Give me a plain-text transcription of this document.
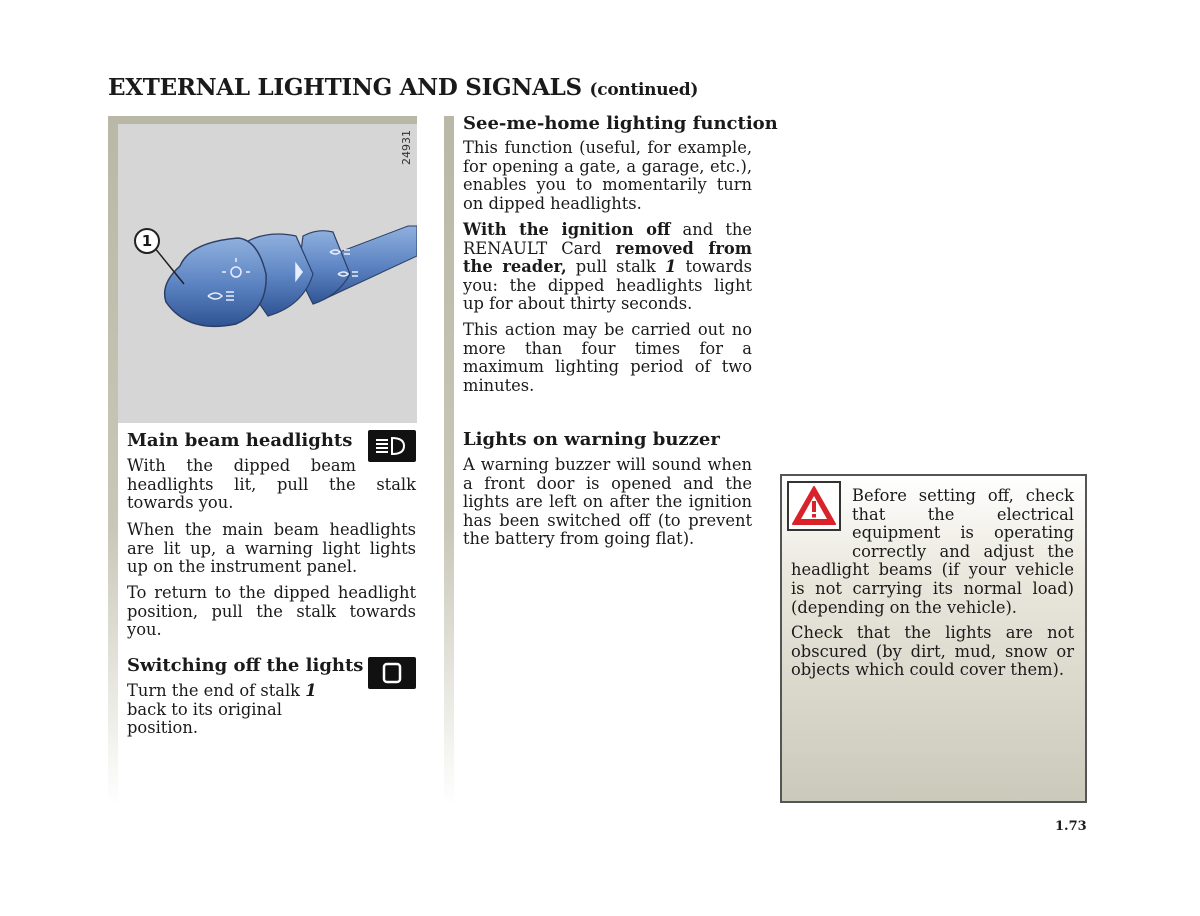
EXTERNAL LIGHTING AND SIGNALS (continued)
24931
1
Main beam headlights
With the dipped beam headlights lit, pull the stalk towards you.
Switching off the lights
Turn the end of stalk 1 back to its original position.
See-me-home lighting function
This function (useful, for example, for opening a gate, a garage, etc.), enables you to momentarily turn on dipped headlights.
With the ignition off and the RENAULT Card removed from the reader, pull stalk 1 towards you: the dipped headlights light up for about thirty seconds.
This action may be carried out no more than four times for a maximum lighting period of two minutes.
Lights on warning buzzer
A warning buzzer will sound when a front door is opened and the lights are left on after the ignition has been switched off (to prevent the battery from going flat).
Before setting off, check that the electrical equipment is operating correctly and adjust the headlight beams (if your vehicle is not carrying its normal load) (depending on the vehicle).
Check that the lights are not obscured (by dirt, mud, snow or objects which could cover them).
1.73
When the main beam headlights are lit up, a warning light lights up on the instrument panel.
To return to the dipped headlight position, pull the stalk towards you.
